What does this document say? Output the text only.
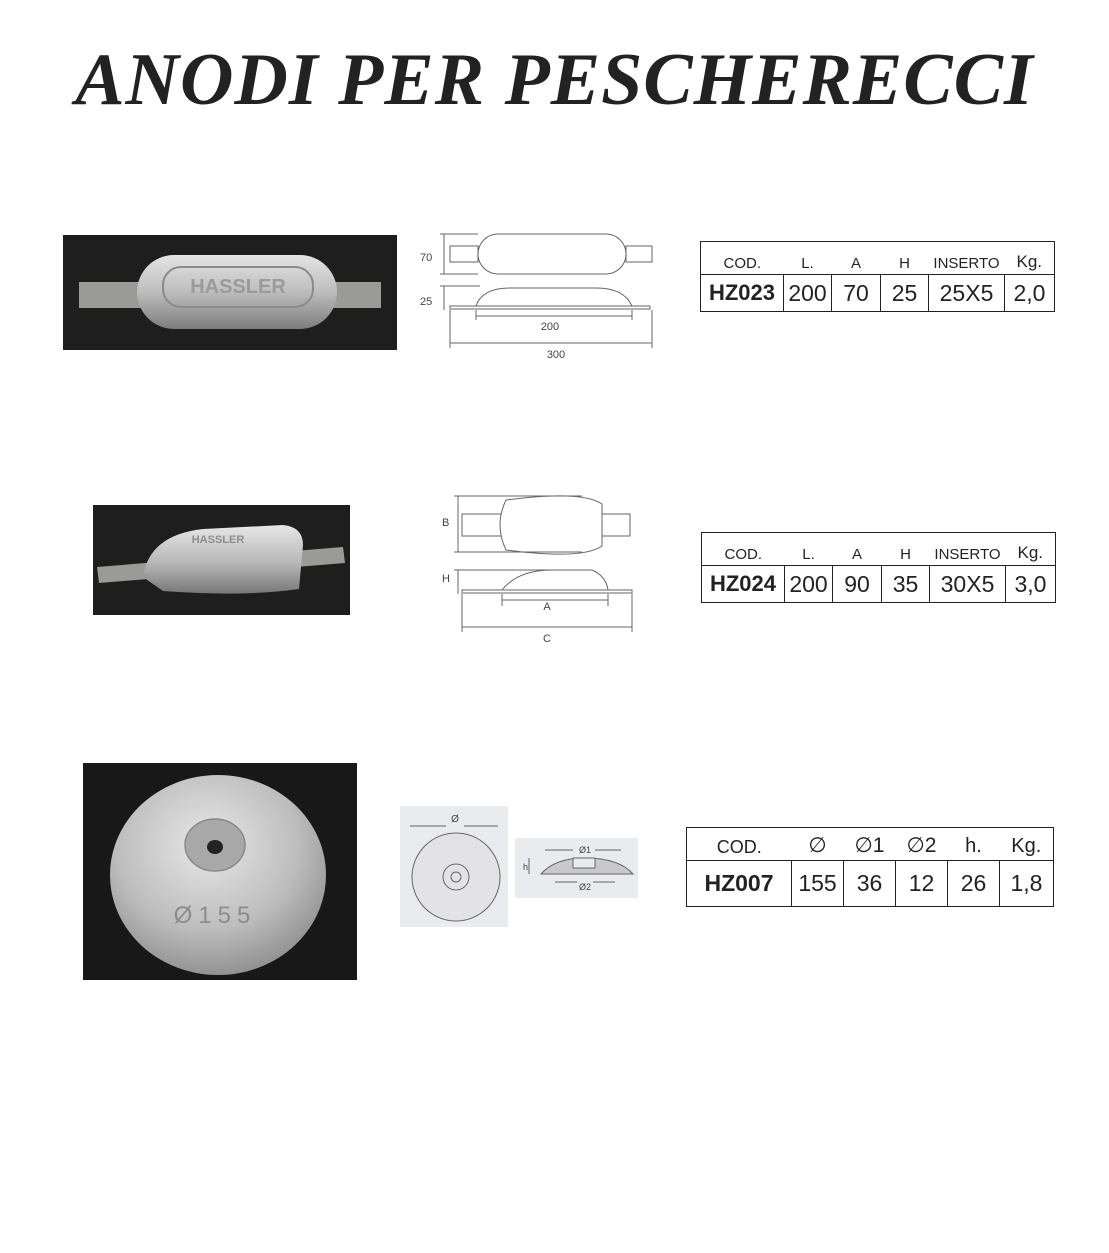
ANODI PER PESCHERECCI
HASSLER
70
25
200
300
COD.	L.	A	H	INSERTO	Kg.
HZ023	200	70	25	25X5	2,0
HASSLER
B
H
A
C
COD.	L.	A	H	INSERTO	Kg.
HZ024	200	90	35	30X5	3,0
Ø155
Ø
Ø1
Ø2
h
COD.	∅	∅1	∅2	h.	Kg.
HZ007	155	36	12	26	1,8
